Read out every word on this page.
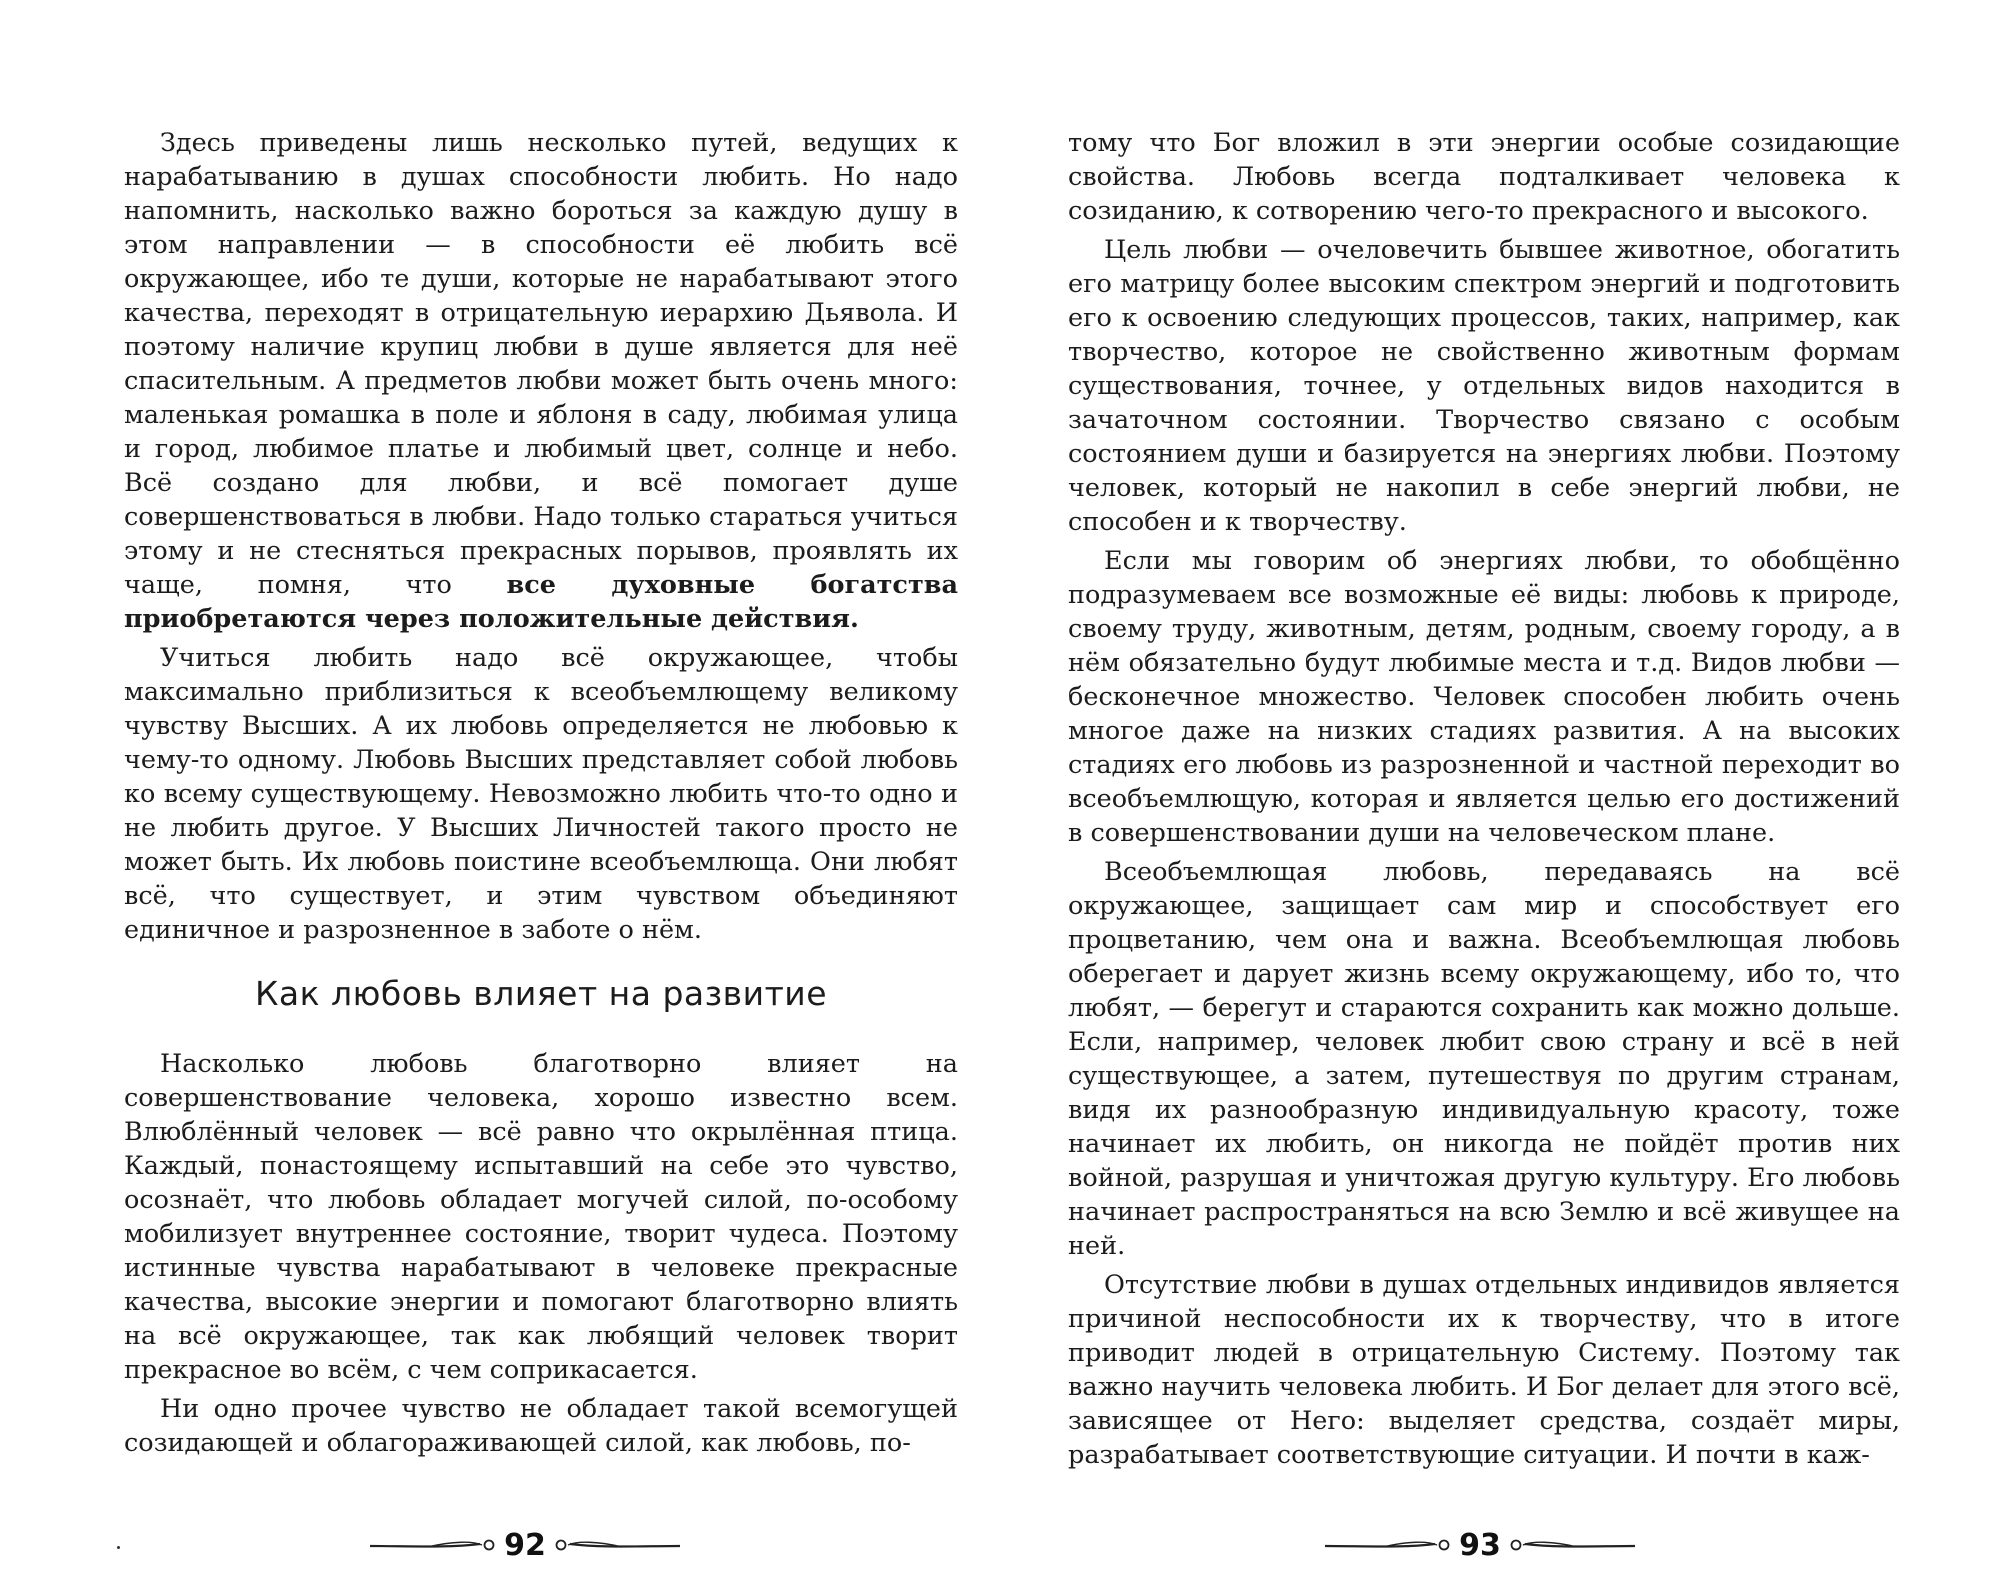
Здесь приведены лишь несколько путей, ведущих к нарабатыванию в душах способности любить. Но надо напомнить, насколько важно бороться за каждую душу в этом направлении — в способности её любить всё окружающее, ибо те души, которые не нарабатывают этого качества, переходят в отрицательную иерархию Дьявола. И поэтому наличие крупиц любви в душе является для неё спасительным. А предметов любви может быть очень много: маленькая ромашка в поле и яблоня в саду, любимая улица и город, любимое платье и любимый цвет, солнце и небо. Всё создано для любви, и всё помогает душе совершенствоваться в любви. Надо только стараться учиться этому и не стесняться прекрасных порывов, проявлять их чаще, помня, что все духовные богатства приобретаются через положительные действия.

Учиться любить надо всё окружающее, чтобы максимально приблизиться к всеобъемлющему великому чувству Высших. А их любовь определяется не любовью к чему-то одному. Любовь Высших представляет собой любовь ко всему существующему. Невозможно любить что-то одно и не любить другое. У Высших Личностей такого просто не может быть. Их любовь поистине всеобъемлюща. Они любят всё, что существует, и этим чувством объединяют единичное и разрозненное в заботе о нём.

Как любовь влияет на развитие

Насколько любовь благотворно влияет на совершенствование человека, хорошо известно всем. Влюблённый человек — всё равно что окрылённая птица. Каждый, понастоящему испытавший на себе это чувство, осознаёт, что любовь обладает могучей силой, по-особому мобилизует внутреннее состояние, творит чудеса. Поэтому истинные чувства нарабатывают в человеке прекрасные качества, высокие энергии и помогают благотворно влиять на всё окружающее, так как любящий человек творит прекрасное во всём, с чем соприкасается.

Ни одно прочее чувство не обладает такой всемогущей созидающей и облагораживающей силой, как любовь, по-

92

тому что Бог вложил в эти энергии особые созидающие свойства. Любовь всегда подталкивает человека к созиданию, к сотворению чего-то прекрасного и высокого.

Цель любви — очеловечить бывшее животное, обогатить его матрицу более высоким спектром энергий и подготовить его к освоению следующих процессов, таких, например, как творчество, которое не свойственно животным формам существования, точнее, у отдельных видов находится в зачаточном состоянии. Творчество связано с особым состоянием души и базируется на энергиях любви. Поэтому человек, который не накопил в себе энергий любви, не способен и к творчеству.

Если мы говорим об энергиях любви, то обобщённо подразумеваем все возможные её виды: любовь к природе, своему труду, животным, детям, родным, своему городу, а в нём обязательно будут любимые места и т.д. Видов любви — бесконечное множество. Человек способен любить очень многое даже на низких стадиях развития. А на высоких стадиях его любовь из разрозненной и частной переходит во всеобъемлющую, которая и является целью его достижений в совершенствовании души на человеческом плане.

Всеобъемлющая любовь, передаваясь на всё окружающее, защищает сам мир и способствует его процветанию, чем она и важна. Всеобъемлющая любовь оберегает и дарует жизнь всему окружающему, ибо то, что любят, — берегут и стараются сохранить как можно дольше. Если, например, человек любит свою страну и всё в ней существующее, а затем, путешествуя по другим странам, видя их разнообразную индивидуальную красоту, тоже начинает их любить, он никогда не пойдёт против них войной, разрушая и уничтожая другую культуру. Его любовь начинает распространяться на всю Землю и всё живущее на ней.

Отсутствие любви в душах отдельных индивидов является причиной неспособности их к творчеству, что в итоге приводит людей в отрицательную Систему. Поэтому так важно научить человека любить. И Бог делает для этого всё, зависящее от Него: выделяет средства, создаёт миры, разрабатывает соответствующие ситуации. И почти в каж-

93
